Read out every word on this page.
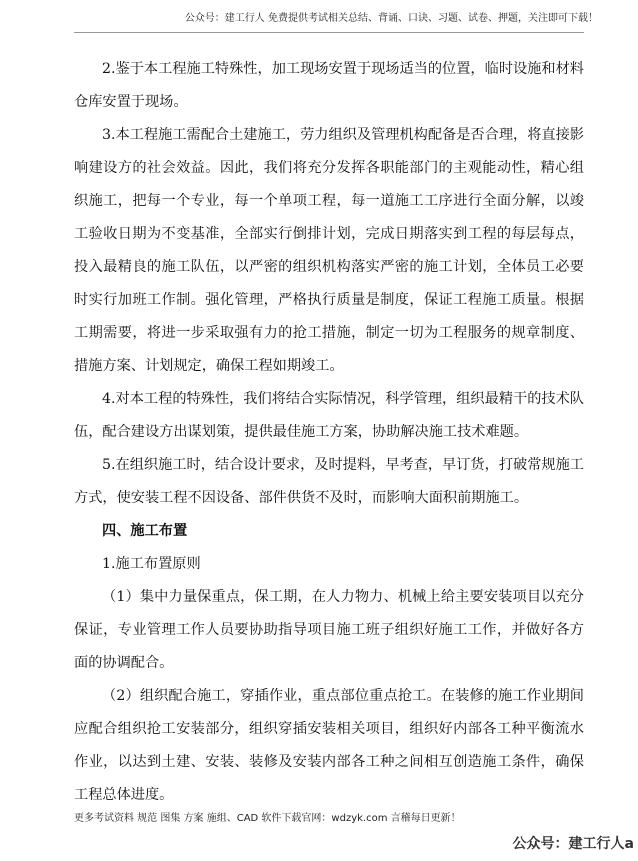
公众号：建工行人 免费提供考试相关总结、背诵、口诀、习题、试卷、押题，关注即可下载！

2.鉴于本工程施工特殊性，加工现场安置于现场适当的位置，临时设施和材料仓库安置于现场。

3.本工程施工需配合土建施工，劳力组织及管理机构配备是否合理，将直接影响建设方的社会效益。因此，我们将充分发挥各职能部门的主观能动性，精心组织施工，把每一个专业，每一个单项工程，每一道施工工序进行全面分解，以竣工验收日期为不变基准，全部实行倒排计划，完成日期落实到工程的每层每点，投入最精良的施工队伍，以严密的组织机构落实严密的施工计划，全体员工必要时实行加班工作制。强化管理，严格执行质量是制度，保证工程施工质量。根据工期需要，将进一步采取强有力的抢工措施，制定一切为工程服务的规章制度、措施方案、计划规定，确保工程如期竣工。

4.对本工程的特殊性，我们将结合实际情况，科学管理，组织最精干的技术队伍，配合建设方出谋划策，提供最佳施工方案，协助解决施工技术难题。

5.在组织施工时，结合设计要求，及时提料，早考查，早订货，打破常规施工方式，使安装工程不因设备、部件供货不及时，而影响大面积前期施工。

四、施工布置

1.施工布置原则

（1）集中力量保重点，保工期，在人力物力、机械上给主要安装项目以充分保证，专业管理工作人员要协助指导项目施工班子组织好施工工作，并做好各方面的协调配合。

（2）组织配合施工，穿插作业，重点部位重点抢工。在装修的施工作业期间应配合组织抢工安装部分，组织穿插安装相关项目，组织好内部各工种平衡流水作业，以达到土建、安装、装修及安装内部各工种之间相互创造施工条件，确保工程总体进度。

更多考试资料 规范 图集 方案 施组、CAD 软件下载官网：wdzyk.com 言稽每日更新！
公众号：建工行人a
